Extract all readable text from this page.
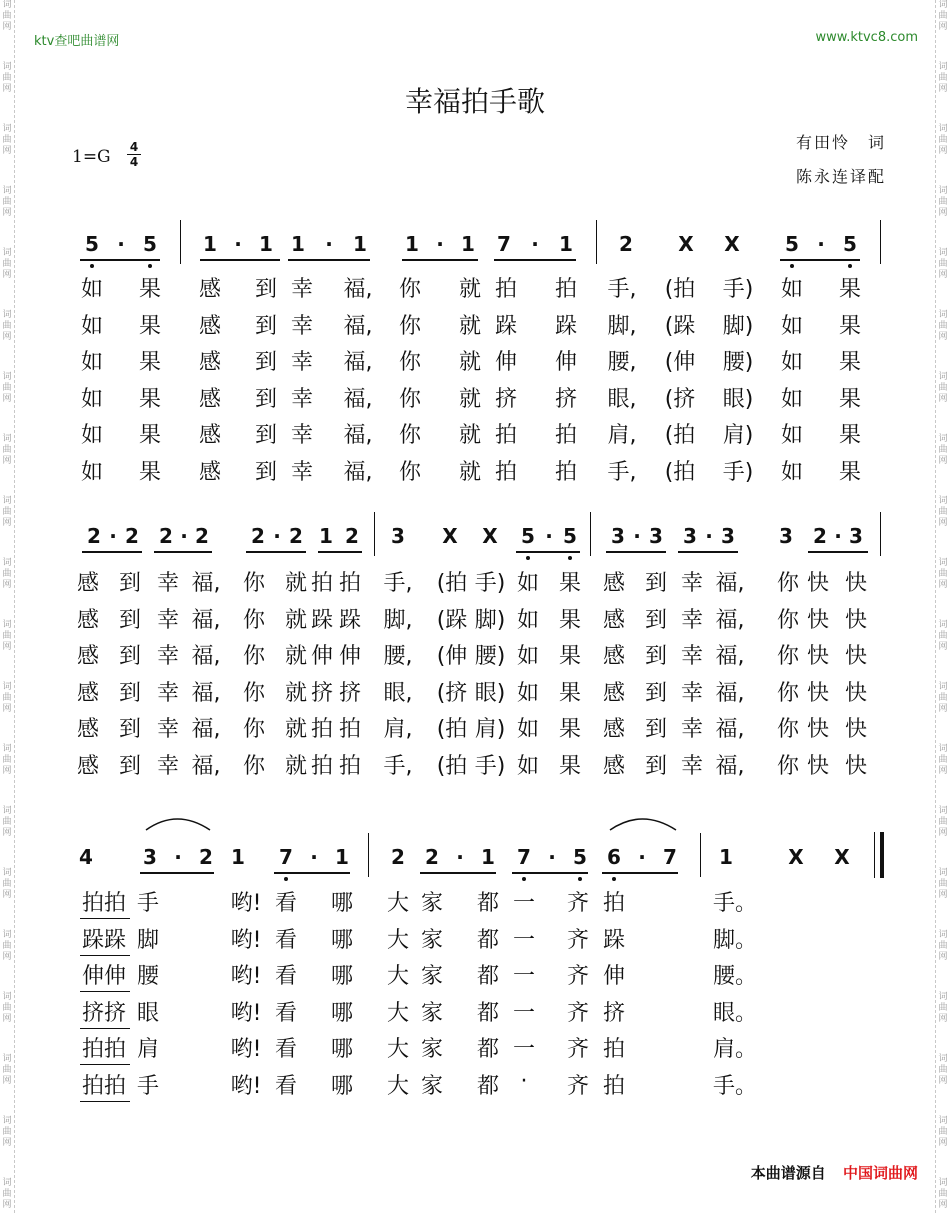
词
曲
网
词
曲
网
词
曲
网
词
曲
网
词
曲
网
词
曲
网
词
曲
网
词
曲
网
词
曲
网
词
曲
网
词
曲
网
词
曲
网
词
曲
网
词
曲
网
词
曲
网
词
曲
网
词
曲
网
词
曲
网
词
曲
网
词
曲
网
词
曲
网
词
曲
网
词
曲
网
词
曲
网
词
曲
网
词
曲
网
词
曲
网
词
曲
网
词
曲
网
词
曲
网
词
曲
网
词
曲
网
词
曲
网
词
曲
网
词
曲
网
词
曲
网
词
曲
网
词
曲
网
词
曲
网
词
曲
网
ktv查吧曲谱网	www.ktvc8.com
幸福拍手歌
$1=G \frac{4}{4}$	有田怜　词
陈永连译配
5 · 5 1 · 1 1 · 1 1 · 1 7 · 1 2 X X 5 · 5
如 果 感 到 幸 福, 你 就 拍 拍 手, (拍 手) 如 果
如 果 感 到 幸 福, 你 就 跺 跺 脚, (跺 脚) 如 果
如 果 感 到 幸 福, 你 就 伸 伸 腰, (伸 腰) 如 果
如 果 感 到 幸 福, 你 就 挤 挤 眼, (挤 眼) 如 果
如 果 感 到 幸 福, 你 就 拍 拍 肩, (拍 肩) 如 果
如 果 感 到 幸 福, 你 就 拍 拍 手, (拍 手) 如 果
2 · 2 2 · 2 2 · 2 1 2 3 X X 5 · 5 3 · 3 3 · 3 3 2 · 3
感 到 幸 福, 你 就 拍 拍 手, (拍 手) 如 果 感 到 幸 福, 你 快 快
感 到 幸 福, 你 就 跺 跺 脚, (跺 脚) 如 果 感 到 幸 福, 你 快 快
感 到 幸 福, 你 就 伸 伸 腰, (伸 腰) 如 果 感 到 幸 福, 你 快 快
感 到 幸 福, 你 就 挤 挤 眼, (挤 眼) 如 果 感 到 幸 福, 你 快 快
感 到 幸 福, 你 就 拍 拍 肩, (拍 肩) 如 果 感 到 幸 福, 你 快 快
感 到 幸 福, 你 就 拍 拍 手, (拍 手) 如 果 感 到 幸 福, 你 快 快
4	3 · 2 1 7 · 1 2 2 · 1 7 · 5 6 · 7 1	X X
拍拍 手	哟! 看 哪 大 家 都 一 齐 拍	手。
跺跺 脚	哟! 看 哪 大 家 都 一 齐 跺	脚。
伸伸 腰	哟! 看 哪 大 家 都 一 齐 伸	腰。
挤挤 眼	哟! 看 哪 大 家 都 一 齐 挤	眼。
拍拍 肩	哟! 看 哪 大 家 都 一 齐 拍	肩。
拍拍 手	哟! 看 哪 大 家 都 · 齐 拍	手。
本曲谱源自 中国词曲网
